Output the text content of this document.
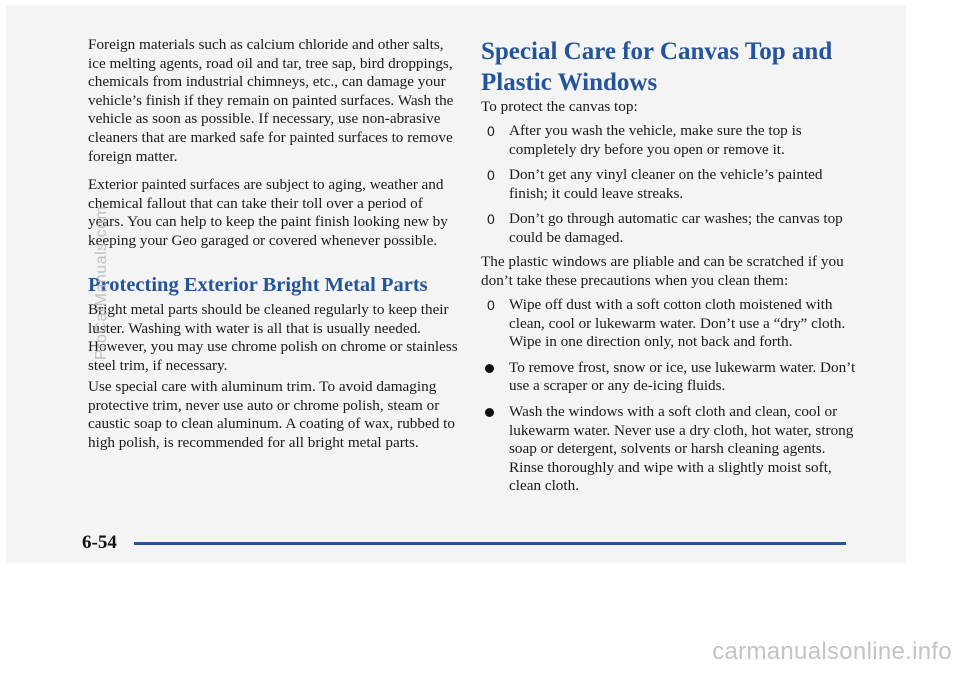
Foreign materials such as calcium chloride and other salts, ice melting agents, road oil and tar, tree sap, bird droppings, chemicals from industrial chimneys, etc., can damage your vehicle’s finish if they remain on painted surfaces. Wash the vehicle as soon as possible. If necessary, use non-abrasive cleaners that are marked safe for painted surfaces to remove foreign matter.

Exterior painted surfaces are subject to aging, weather and chemical fallout that can take their toll over a period of years. You can help to keep the paint finish looking new by keeping your Geo garaged or covered whenever possible.

Protecting Exterior Bright Metal Parts

Bright metal parts should be cleaned regularly to keep their luster. Washing with water is all that is usually needed. However, you may use chrome polish on chrome or stainless steel trim, if necessary.

Use special care with aluminum trim. To avoid damaging protective trim, never use auto or chrome polish, steam or caustic soap to clean aluminum. A coating of wax, rubbed to high polish, is recommended for all bright metal parts.

Special Care for Canvas Top and Plastic Windows

To protect the canvas top:

0 After you wash the vehicle, make sure the top is completely dry before you open or remove it.
0 Don’t get any vinyl cleaner on the vehicle’s painted finish; it could leave streaks.
0 Don’t go through automatic car washes; the canvas top could be damaged.

The plastic windows are pliable and can be scratched if you don’t take these precautions when you clean them:

0 Wipe off dust with a soft cotton cloth moistened with clean, cool or lukewarm water. Don’t use a “dry” cloth. Wipe in one direction only, not back and forth.
To remove frost, snow or ice, use lukewarm water. Don’t use a scraper or any de-icing fluids.
Wash the windows with a soft cloth and clean, cool or lukewarm water. Never use a dry cloth, hot water, strong soap or detergent, solvents or harsh cleaning agents. Rinse thoroughly and wipe with a slightly moist soft, clean cloth.
6-54
ProCarManuals.com
carmanualsonline.info
